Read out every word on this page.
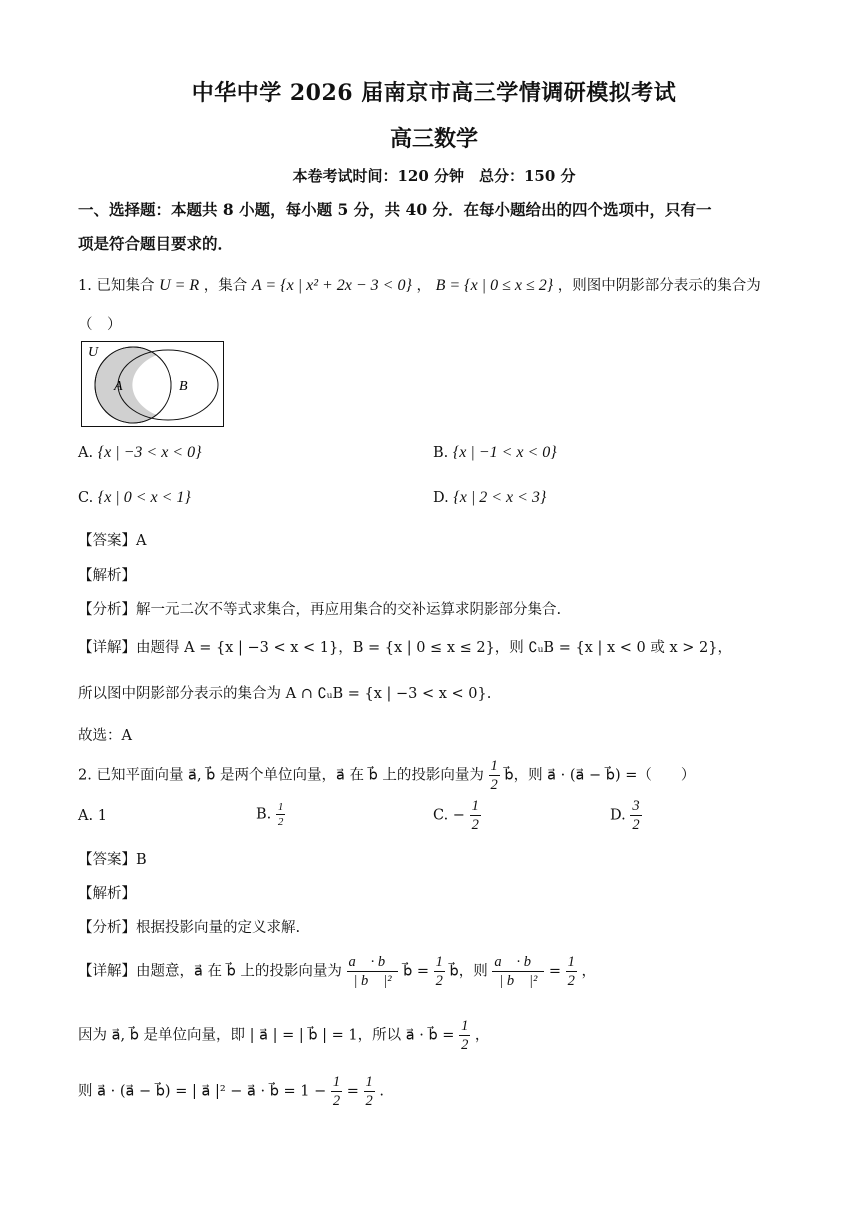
中华中学 2026 届南京市高三学情调研模拟考试
高三数学
本卷考试时间：120 分钟　总分：150 分
一、选择题：本题共 8 小题，每小题 5 分，共 40 分．在每小题给出的四个选项中，只有一
项是符合题目要求的．
1. 已知集合 U = R ，集合 A = {x | x² + 2x − 3 < 0} ， B = {x | 0 ≤ x ≤ 2} ，则图中阴影部分表示的集合为
（　）
U
A	B
A. {x | −3 < x < 0}	B. {x | −1 < x < 0}
C. {x | 0 < x < 1}	D. {x | 2 < x < 3}
【答案】A
【解析】
【分析】解一元二次不等式求集合，再应用集合的交补运算求阴影部分集合.
【详解】由题得 A = {x | −3 < x < 1}，B = {x | 0 ≤ x ≤ 2}，则 ∁ᵤB = {x | x < 0 或 x > 2}，
所以图中阴影部分表示的集合为 A ∩ ∁ᵤB = {x | −3 < x < 0}.
故选：A
2. 已知平面向量 a⃗, b⃗ 是两个单位向量，a⃗ 在 b⃗ 上的投影向量为 $\frac{1}{2}$ b⃗，则 a⃗ · (a⃗ − b⃗) =（　　）
A. 1	B. $\frac{1}{2}$	C. − $\frac{1}{2}$	D. $\frac{3}{2}$
【答案】B
【解析】
【分析】根据投影向量的定义求解.
【详解】由题意，a⃗ 在 b⃗ 上的投影向量为 $\frac{a⃗ \cdot b⃗}{\text{| b⃗ |²}}$ b⃗ = $\frac{1}{2}$ b⃗，则 $\frac{a⃗ \cdot b⃗}{\text{| b⃗ |²}} = \frac{1}{2}$ ，
因为 a⃗, b⃗ 是单位向量，即 | a⃗ | = | b⃗ | = 1，所以 a⃗ · b⃗ = $\frac{1}{2}$ ，
则 a⃗ · (a⃗ − b⃗) = | a⃗ |² − a⃗ · b⃗ = $1 - \frac{1}{2} = \frac{1}{2}$ .
